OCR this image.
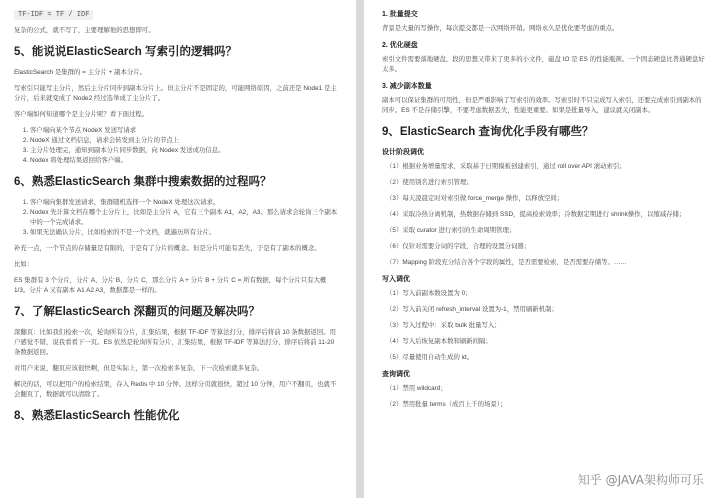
TF-IDF = TF / IDF

复杂的公式，就不写了，主要理解他的思想即可。

5、能说说ElasticSearch 写索引的逻辑吗？

ElasticSearch 是集群的 = 主分片 + 副本分片。

写索引只能写主分片，然后主分片同步到副本分片上。但主分片不是固定的，可能网络原因，之前还是 Node1 是主分片，后来就变成了 Node2 经过选举成了主分片了。

客户端如何知道哪个是主分片呢？看下面过程。

1. 客户端向某个节点 NodeX 发送写请求
2. NodeX 通过文档信息，请求会转发到主分片的节点上
3. 主分片处理完，通知到副本分片同步数据，向 Nodex 发送成功信息。
4. Nodex 将处理结果返回给客户端。
6、熟悉ElasticSearch 集群中搜索数据的过程吗？
1. 客户端向集群发送请求，集群随机选择一个 NodeX 处理这次请求。
2. Nodex 先计算文档在哪个主分片上，比如是主分片 A，它有三个副本 A1，A2，A3。那么请求会轮询三个副本中的一个完成请求。
3. 如果无法确认分片，比如检索的不是一个文档，就遍历所有分片。

补充一点，一个节点的存储量是有限的，于是有了分片的概念。但是分片可能有丢失，于是有了副本的概念。

比如：

ES 集群有 3 个分片，分片 A、分片 B、分片 C，那么分片 A + 分片 B + 分片 C = 所有数据，每个分片只有大概 1/3。分片 A 又有副本 A1 A2 A3，数据都是一样的。

7、了解ElasticSearch 深翻页的问题及解决吗？

深翻页：比如我们检索一次，轮询所有分片，汇集结果，根据 TF-IDF 等算法打分，排序后将前 10 条数据返回。用户感觉不错，说我看看下一页。ES 依然是轮询所有分片，汇集结果，根据 TF-IDF 等算法打分，排序后将前 11-20 条数据返回。

对用户来说，翻页应该很快啊，但是实际上，第一次检索多复杂，下一次检索就多复杂。

解决的话，可以把用户的检索结果，存入 Redis 中 10 分钟。这样分页就很快，超过 10 分钟，用户不翻页，也就不会翻页了，数据就可以清除了。

8、熟悉ElasticSearch 性能优化
1. 批量提交

背景是大量的写操作，每次提交都是一次网络开销。网络永久是优化要考虑的重点。

2. 优化硬盘

索引文件需要落地硬盘，段的思想又带来了更多的小文件，磁盘 IO 是 ES 的性能瓶颈。一个固态硬盘比普通硬盘好太多。

3. 减少副本数量

副本可以保证集群的可用性，但是严重影响了写索引的效率。写索引时不只完成写入索引，还要完成索引到副本的同步。ES 不是存储引擎，不要考虑数据丢失，性能更重要。如果是批量导入，建议就关闭副本。

9、ElasticSearch 查询优化手段有哪些？
设计阶段调优
（1）根据业务增量需求，采取基于日期模板创建索引，通过 roll over API 滚动索引；
（2）使用别名进行索引管理；
（3）每天凌晨定时对索引做 force_merge 操作，以释放空间；
（4）采取冷热分离机制，热数据存储到 SSD，提高检索效率；冷数据定期进行 shrink操作，以缩减存储；
（5）采取 curator 进行索引的生命周期管理；
（6）仅针对需要分词的字段，合理的设置分词器；
（7）Mapping 阶段充分结合各个字段的属性，是否需要检索、是否需要存储等。……
写入调优
（1）写入前副本数设置为 0；
（2）写入前关闭 refresh_interval 设置为-1，禁用刷新机制；
（3）写入过程中：采取 bulk 批量写入；
（4）写入后恢复副本数和刷新间隔；
（5）尽量使用自动生成的 id。
查询调优
（1）禁用 wildcard；
（2）禁用批量 terms（成百上千的场景）；
知乎 @JAVA架构师可乐
